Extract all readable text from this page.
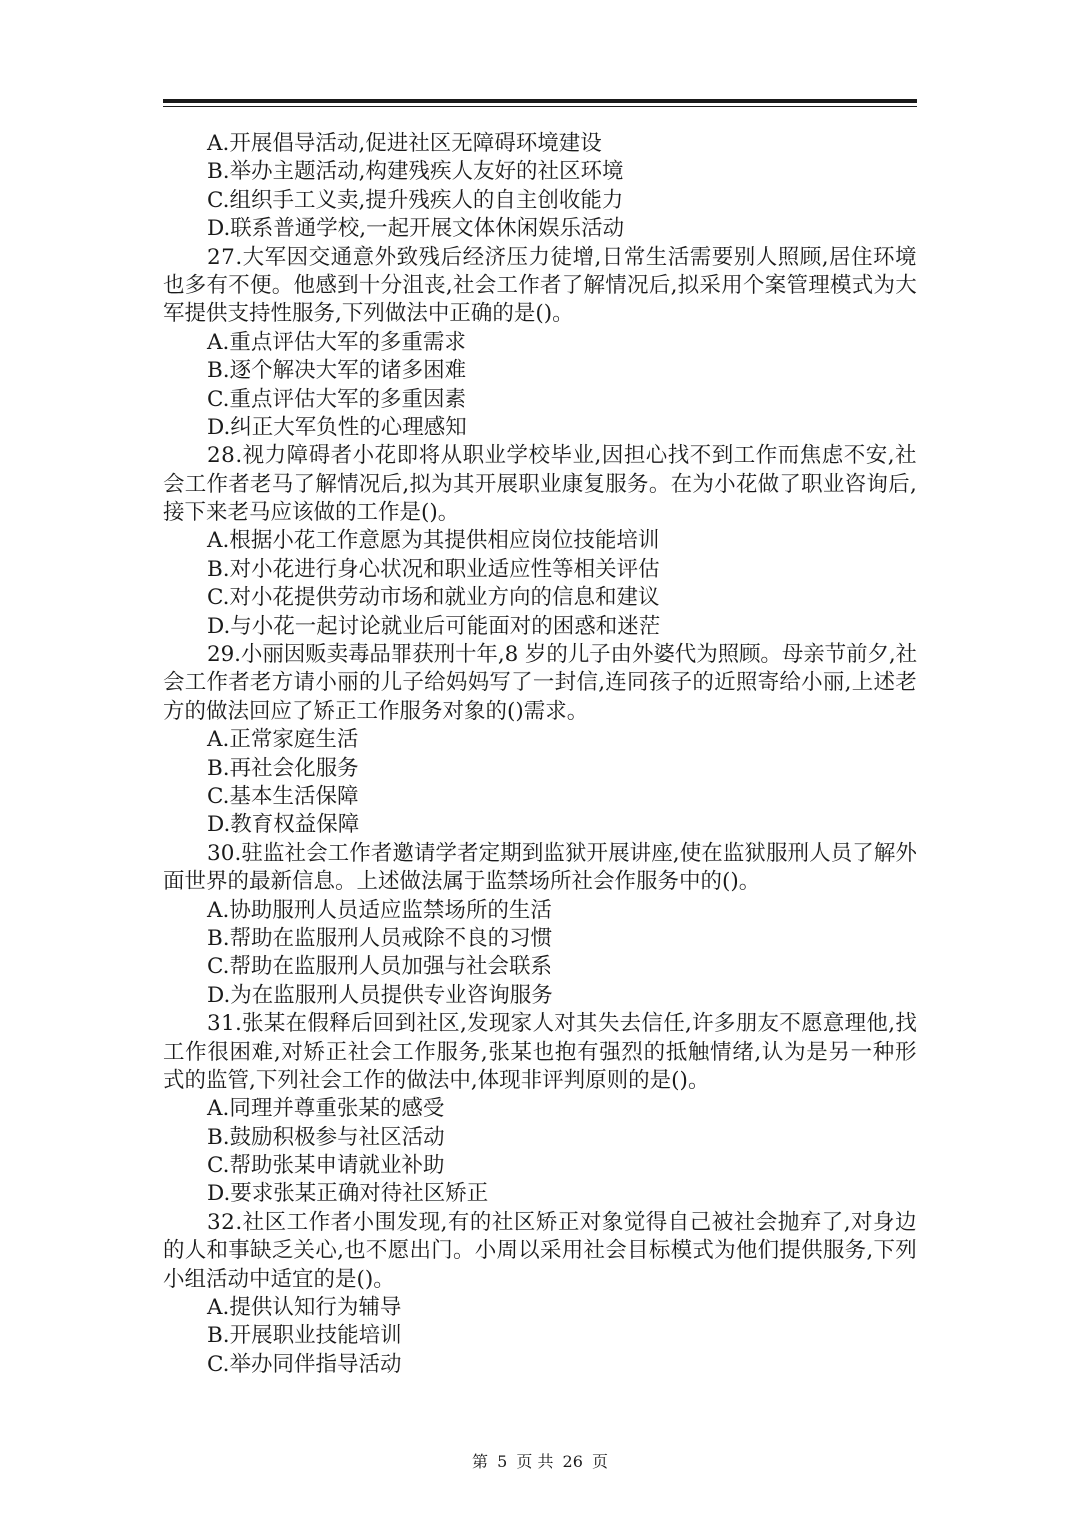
A.开展倡导活动,促进社区无障碍环境建设
B.举办主题活动,构建残疾人友好的社区环境
C.组织手工义卖,提升残疾人的自主创收能力
D.联系普通学校,一起开展文体休闲娱乐活动
27.大军因交通意外致残后经济压力徒增,日常生活需要别人照顾,居住环境
也多有不便。他感到十分沮丧,社会工作者了解情况后,拟采用个案管理模式为大
军提供支持性服务,下列做法中正确的是()。
A.重点评估大军的多重需求
B.逐个解决大军的诸多困难
C.重点评估大军的多重因素
D.纠正大军负性的心理感知
28.视力障碍者小花即将从职业学校毕业,因担心找不到工作而焦虑不安,社
会工作者老马了解情况后,拟为其开展职业康复服务。在为小花做了职业咨询后,
接下来老马应该做的工作是()。
A.根据小花工作意愿为其提供相应岗位技能培训
B.对小花进行身心状况和职业适应性等相关评估
C.对小花提供劳动市场和就业方向的信息和建议
D.与小花一起讨论就业后可能面对的困惑和迷茫
29.小丽因贩卖毒品罪获刑十年,8 岁的儿子由外婆代为照顾。母亲节前夕,社
会工作者老方请小丽的儿子给妈妈写了一封信,连同孩子的近照寄给小丽,上述老
方的做法回应了矫正工作服务对象的()需求。
A.正常家庭生活
B.再社会化服务
C.基本生活保障
D.教育权益保障
30.驻监社会工作者邀请学者定期到监狱开展讲座,使在监狱服刑人员了解外
面世界的最新信息。上述做法属于监禁场所社会作服务中的()。
A.协助服刑人员适应监禁场所的生活
B.帮助在监服刑人员戒除不良的习惯
C.帮助在监服刑人员加强与社会联系
D.为在监服刑人员提供专业咨询服务
31.张某在假释后回到社区,发现家人对其失去信任,许多朋友不愿意理他,找
工作很困难,对矫正社会工作服务,张某也抱有强烈的抵触情绪,认为是另一种形
式的监管,下列社会工作的做法中,体现非评判原则的是()。
A.同理并尊重张某的感受
B.鼓励积极参与社区活动
C.帮助张某申请就业补助
D.要求张某正确对待社区矫正
32.社区工作者小围发现,有的社区矫正对象觉得自己被社会抛弃了,对身边
的人和事缺乏关心,也不愿出门。小周以采用社会目标模式为他们提供服务,下列
小组活动中适宜的是()。
A.提供认知行为辅导
B.开展职业技能培训
C.举办同伴指导活动
第 5 页 共 26 页
